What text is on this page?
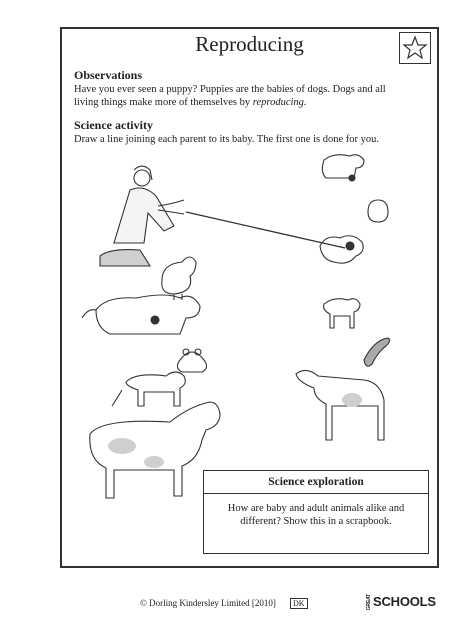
Reproducing
Observations
Have you ever seen a puppy? Puppies are the babies of dogs. Dogs and all
living things make more of themselves by reproducing.
Science activity
Draw a line joining each parent to its baby. The first one is done for you.
Science exploration
How are baby and adult animals alike and different? Show this in a scrapbook.
© Dorling Kindersley Limited [2010]	DK	GREATSCHOOLS
